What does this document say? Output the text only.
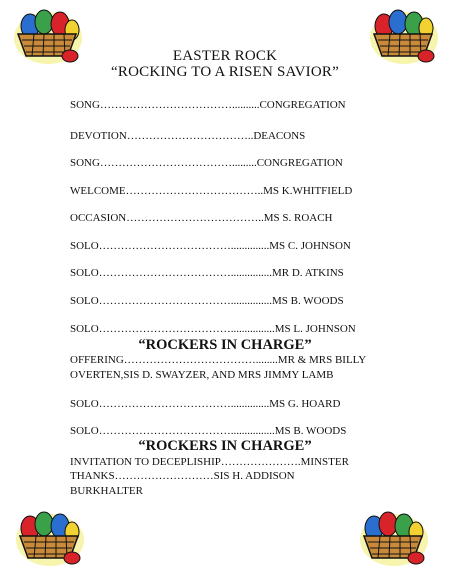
EASTER ROCK
“ROCKING TO A RISEN SAVIOR”
SONG………………………………..........CONGREGATION
DEVOTION……………………………..DEACONS
SONG……………………………….........CONGREGATION
WELCOME………………………………..MS K.WHITFIELD
OCCASION………………………………..MS S. ROACH
SOLO………………………………..............MS C. JOHNSON
SOLO………………………………...............MR D. ATKINS
SOLO………………………………...............MS B. WOODS
SOLO………………………………................MS L. JOHNSON
“ROCKERS IN CHARGE”
OFFERING………………………………........MR & MRS BILLY
OVERTEN,SIS D. SWAYZER, AND MRS JIMMY LAMB
SOLO………………………………..............MS G. HOARD
SOLO………………………………................MS B. WOODS
“ROCKERS IN CHARGE”
INVITATION TO DECEPLISHIP………………….MINSTER
THANKS………………………SIS H. ADDISON
BURKHALTER
